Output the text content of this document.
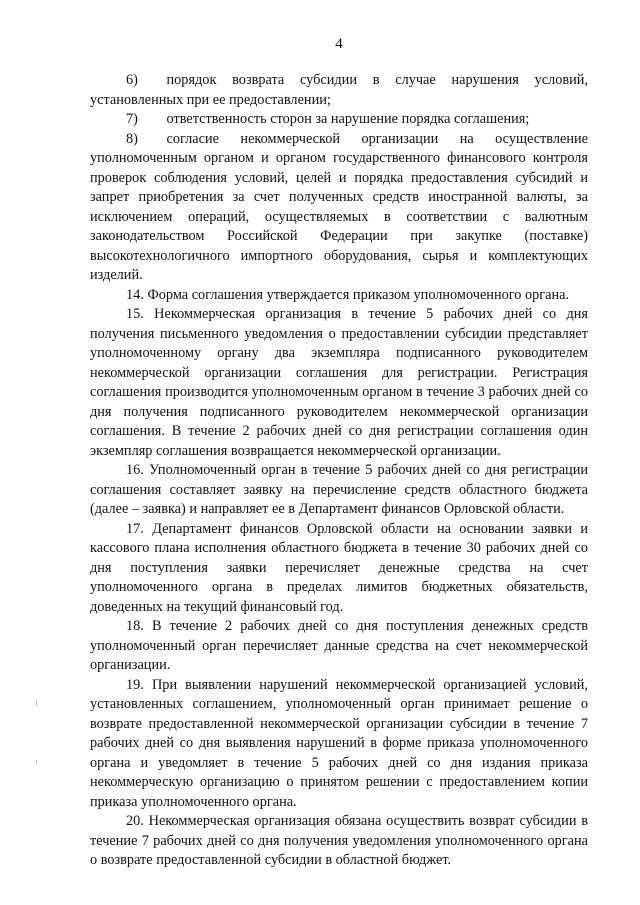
4

6)  порядок возврата субсидии в случае нарушения условий, установленных при ее предоставлении;

7)  ответственность сторон за нарушение порядка соглашения;

8)  согласие некоммерческой организации на осуществление уполномоченным органом и органом государственного финансового контроля проверок соблюдения условий, целей и порядка предоставления субсидий и запрет приобретения за счет полученных средств иностранной валюты, за исключением операций, осуществляемых в соответствии с валютным законодательством Российской Федерации при закупке (поставке) высокотехнологичного импортного оборудования, сырья и комплектующих изделий.

14. Форма соглашения утверждается приказом уполномоченного органа.

15. Некоммерческая организация в течение 5 рабочих дней со дня получения письменного уведомления о предоставлении субсидии представляет уполномоченному органу два экземпляра подписанного руководителем некоммерческой организации соглашения для регистрации. Регистрация соглашения производится уполномоченным органом в течение 3 рабочих дней со дня получения подписанного руководителем некоммерческой организации соглашения. В течение 2 рабочих дней со дня регистрации соглашения один экземпляр соглашения возвращается некоммерческой организации.

16. Уполномоченный орган в течение 5 рабочих дней со дня регистрации соглашения составляет заявку на перечисление средств областного бюджета (далее – заявка) и направляет ее в Департамент финансов Орловской области.

17. Департамент финансов Орловской области на основании заявки и кассового плана исполнения областного бюджета в течение 30 рабочих дней со дня поступления заявки перечисляет денежные средства на счет уполномоченного органа в пределах лимитов бюджетных обязательств, доведенных на текущий финансовый год.

18. В течение 2 рабочих дней со дня поступления денежных средств уполномоченный орган перечисляет данные средства на счет некоммерческой организации.

19. При выявлении нарушений некоммерческой организацией условий, установленных соглашением, уполномоченный орган принимает решение о возврате предоставленной некоммерческой организации субсидии в течение 7 рабочих дней со дня выявления нарушений в форме приказа уполномоченного органа и уведомляет в течение 5 рабочих дней со дня издания приказа некоммерческую организацию о принятом решении с предоставлением копии приказа уполномоченного органа.

20. Некоммерческая организация обязана осуществить возврат субсидии в течение 7 рабочих дней со дня получения уведомления уполномоченного органа о возврате предоставленной субсидии в областной бюджет.
